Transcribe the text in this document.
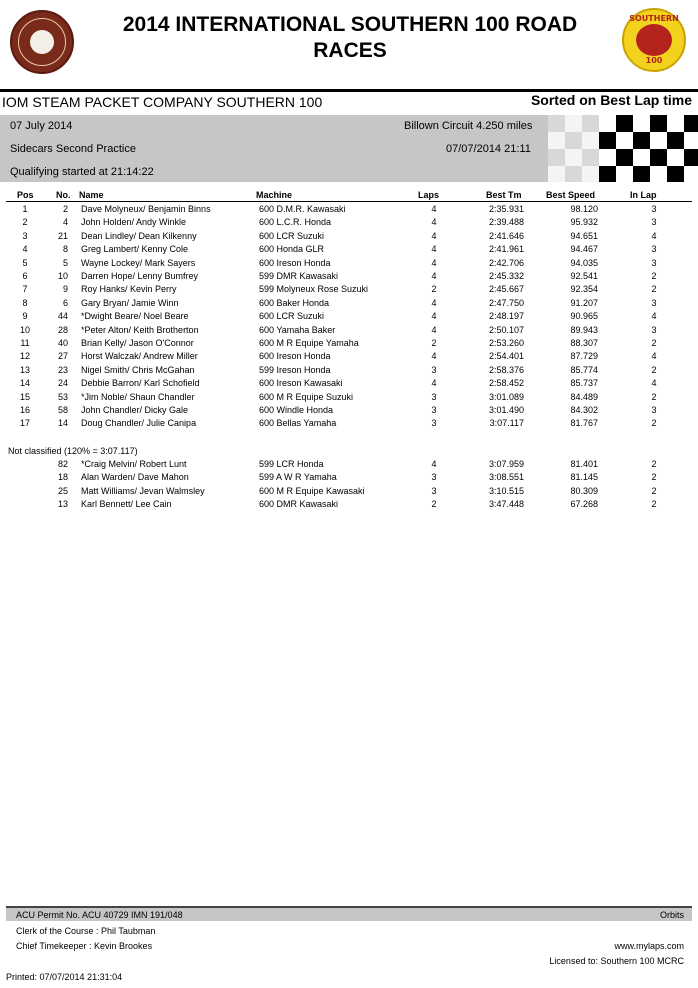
2014 INTERNATIONAL SOUTHERN 100 ROAD RACES
SOUTHERN
100
IOM STEAM PACKET COMPANY SOUTHERN 100	Sorted on Best Lap time
07 July 2014	Billown Circuit 4.250 miles
Sidecars Second Practice	07/07/2014 21:11
Qualifying started at 21:14:22
Pos No. Name	Machine	Laps	Best Tm	Best Speed	In Lap
1	2 Dave Molyneux/ Benjamin Binns	600 D.M.R. Kawasaki	4	2:35.931	98.120	3
2	4 John Holden/ Andy Winkle	600 L.C.R. Honda	4	2:39.488	95.932	3
3	21 Dean Lindley/ Dean Kilkenny	600 LCR Suzuki	4	2:41.646	94.651	4
4	8 Greg Lambert/ Kenny Cole	600 Honda GLR	4	2:41.961	94.467	3
5	5 Wayne Lockey/ Mark Sayers	600 Ireson Honda	4	2:42.706	94.035	3
6	10 Darren Hope/ Lenny Bumfrey	599 DMR Kawasaki	4	2:45.332	92.541	2
7	9 Roy Hanks/ Kevin Perry	599 Molyneux Rose Suzuki	2	2:45.667	92.354	2
8	6 Gary Bryan/ Jamie Winn	600 Baker Honda	4	2:47.750	91.207	3
9	44 *Dwight Beare/ Noel Beare	600 LCR Suzuki	4	2:48.197	90.965	4
10	28 *Peter Alton/ Keith Brotherton	600 Yamaha Baker	4	2:50.107	89.943	3
11	40 Brian Kelly/ Jason O'Connor	600 M R Equipe Yamaha	2	2:53.260	88.307	2
12	27 Horst Walczak/ Andrew Miller	600 Ireson Honda	4	2:54.401	87.729	4
13	23 Nigel Smith/ Chris McGahan	599 Ireson Honda	3	2:58.376	85.774	2
14	24 Debbie Barron/ Karl Schofield	600 Ireson Kawasaki	4	2:58.452	85.737	4
15	53 *Jim Noble/ Shaun Chandler	600 M R Equipe Suzuki	3	3:01.089	84.489	2
16	58 John Chandler/ Dicky Gale	600 Windle Honda	3	3:01.490	84.302	3
17	14 Doug Chandler/ Julie Canipa	600 Bellas Yamaha	3	3:07.117	81.767	2
Not classified (120% = 3:07.117)
82 *Craig Melvin/ Robert Lunt	599 LCR Honda	4	3:07.959	81.401	2
18 Alan Warden/ Dave Mahon	599 A W R Yamaha	3	3:08.551	81.145	2
25 Matt Williams/ Jevan Walmsley	600 M R Equipe Kawasaki	3	3:10.515	80.309	2
13 Karl Bennett/ Lee Cain	600 DMR Kawasaki	2	3:47.448	67.268	2
ACU Permit No. ACU 40729 IMN 191/048	Orbits
Clerk of the Course : Phil Taubman
Chief Timekeeper : Kevin Brookes	www.mylaps.com
Licensed to: Southern 100 MCRC
Printed: 07/07/2014 21:31:04
